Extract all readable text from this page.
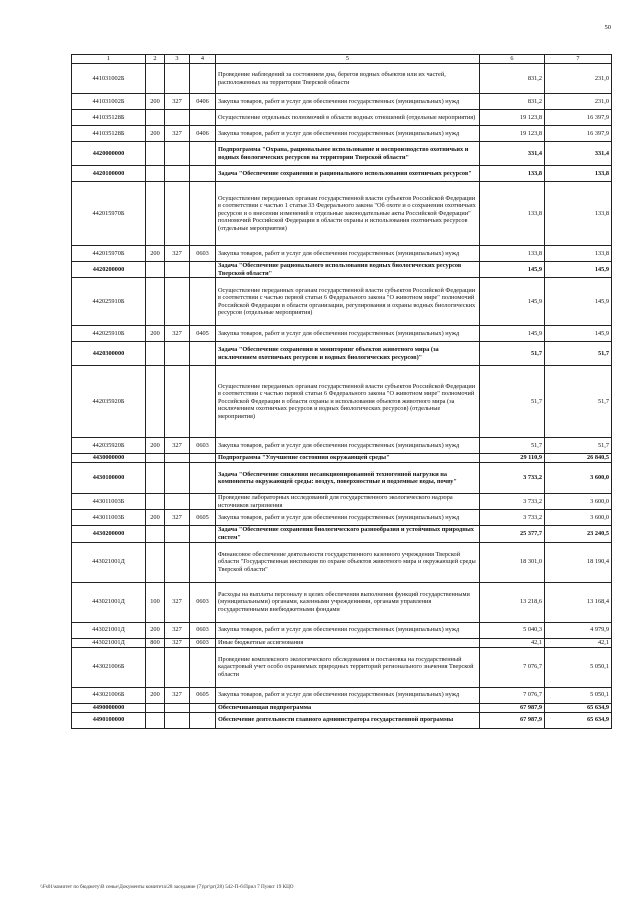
50
1	2	3	4	5	6	7
441031002Б				Проведение наблюдений за состоянием дна, берегов водных объектов или их частей, расположенных на территории Тверской области	831,2	231,0
441031002Б	200	327	0406	Закупка товаров, работ и услуг для обеспечения государственных (муниципальных) нужд	831,2	231,0
441035128Б				Осуществление отдельных полномочий в области водных отношений (отдельные мероприятия)	19 123,8	16 397,9
441035128Б	200	327	0406	Закупка товаров, работ и услуг для обеспечения государственных (муниципальных) нужд	19 123,8	16 397,9
4420000000				Подпрограмма "Охрана, рациональное использование и воспроизводство охотничьих и водных биологических ресурсов на территории Тверской области"	331,4	331,4
4420100000				Задача "Обеспечение сохранения и рационального использования охотничьих ресурсов"	133,8	133,8
442015970Б				Осуществление переданных органам государственной власти субъектов Российской Федерации в соответствии с частью 1 статьи 33 Федерального закона "Об охоте и о сохранении охотничьих ресурсов и о внесении изменений в отдельные законодательные акты Российской Федерации" полномочий Российской Федерации в области охраны и использования охотничьих ресурсов (отдельные мероприятия)	133,8	133,8
442015970Б	200	327	0603	Закупка товаров, работ и услуг для обеспечения государственных (муниципальных) нужд	133,8	133,8
4420200000				Задача "Обеспечение рационального использования водных биологических ресурсов Тверской области"	145,9	145,9
442025910Б				Осуществление переданных органам государственной власти субъектов Российской Федерации в соответствии с частью первой статьи 6 Федерального закона "О животном мире" полномочий Российской Федерации в области организации, регулирования и охраны водных биологических ресурсов (отдельные мероприятия)	145,9	145,9
442025910Б	200	327	0405	Закупка товаров, работ и услуг для обеспечения государственных (муниципальных) нужд	145,9	145,9
4420300000				Задача "Обеспечение сохранения и мониторинг объектов животного мира (за исключением охотничьих ресурсов и водных биологических ресурсов)"	51,7	51,7
442035920Б				Осуществление переданных органам государственной власти субъектов Российской Федерации в соответствии с частью первой статьи 6 Федерального закона "О животном мире" полномочий Российской Федерации в области охраны и использования объектов животного мира (за исключением охотничьих ресурсов и водных биологических ресурсов) (отдельные мероприятия)	51,7	51,7
442035920Б	200	327	0603	Закупка товаров, работ и услуг для обеспечения государственных (муниципальных) нужд	51,7	51,7
4430000000				Подпрограмма "Улучшение состояния окружающей среды"	29 110,9	26 840,5
4430100000				Задача "Обеспечение снижения несанкционированной техногенной нагрузки на компоненты окружающей среды: воздух, поверхностные и подземные воды, почву"	3 733,2	3 600,0
443011003Б				Проведение лабораторных исследований для государственного экологического надзора источников загрязнения	3 733,2	3 600,0
443011003Б	200	327	0605	Закупка товаров, работ и услуг для обеспечения государственных (муниципальных) нужд	3 733,2	3 600,0
4430200000				Задача "Обеспечение сохранения биологического разнообразия и устойчивых природных систем"	25 377,7	23 240,5
443021001Д				Финансовое обеспечение деятельности государственного казенного учреждения Тверской области "Государственная инспекция по охране объектов животного мира и окружающей среды Тверской области"	18 301,0	18 190,4
443021001Д	100	327	0603	Расходы на выплаты персоналу в целях обеспечения выполнения функций государственными (муниципальными) органами, казенными учреждениями, органами управления государственными внебюджетными фондами	13 218,6	13 168,4
443021001Д	200	327	0603	Закупка товаров, работ и услуг для обеспечения государственных (муниципальных) нужд	5 040,3	4 979,9
443021001Д	800	327	0603	Иные бюджетные ассигнования	42,1	42,1
443021006Б				Проведение комплексного экологического обследования и постановка на государственный кадастровый учет особо охраняемых природных территорий регионального значения Тверской области	7 076,7	5 050,1
443021006Б	200	327	0605	Закупка товаров, работ и услуг для обеспечения государственных (муниципальных) нужд	7 076,7	5 050,1
4490000000				Обеспечивающая подпрограмма	67 987,9	65 634,9
4490100000				Обеспечение деятельности главного администратора государственной программы	67 987,9	65 634,9
\\Fs01\комитет по бюджету\В сенье\Документы комитета\28 заседание (7)\рг\рг(28) 542-П-6\Прил 7 Пункт 19 КЦО
